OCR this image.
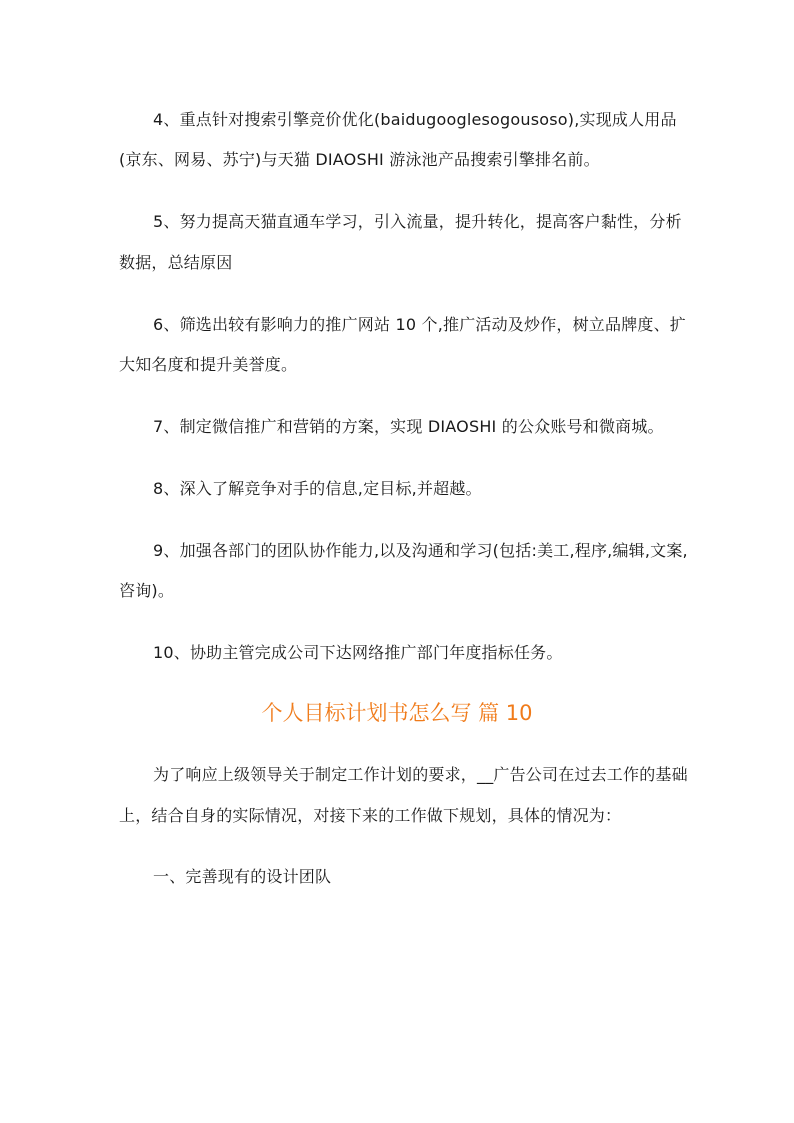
4、重点针对搜索引擎竞价优化(baidugooglesogousoso),实现成人用品
(京东、网易、苏宁)与天猫 DIAOSHI 游泳池产品搜索引擎排名前。
5、努力提高天猫直通车学习，引入流量，提升转化，提高客户黏性，分析
数据，总结原因
6、筛选出较有影响力的推广网站 10 个,推广活动及炒作，树立品牌度、扩
大知名度和提升美誉度。
7、制定微信推广和营销的方案，实现 DIAOSHI 的公众账号和微商城。
8、深入了解竞争对手的信息,定目标,并超越。
9、加强各部门的团队协作能力,以及沟通和学习(包括:美工,程序,编辑,文案,
咨询)。
10、协助主管完成公司下达网络推广部门年度指标任务。
个人目标计划书怎么写 篇 10
为了响应上级领导关于制定工作计划的要求，__广告公司在过去工作的基础
上，结合自身的实际情况，对接下来的工作做下规划，具体的情况为：
一、完善现有的设计团队
